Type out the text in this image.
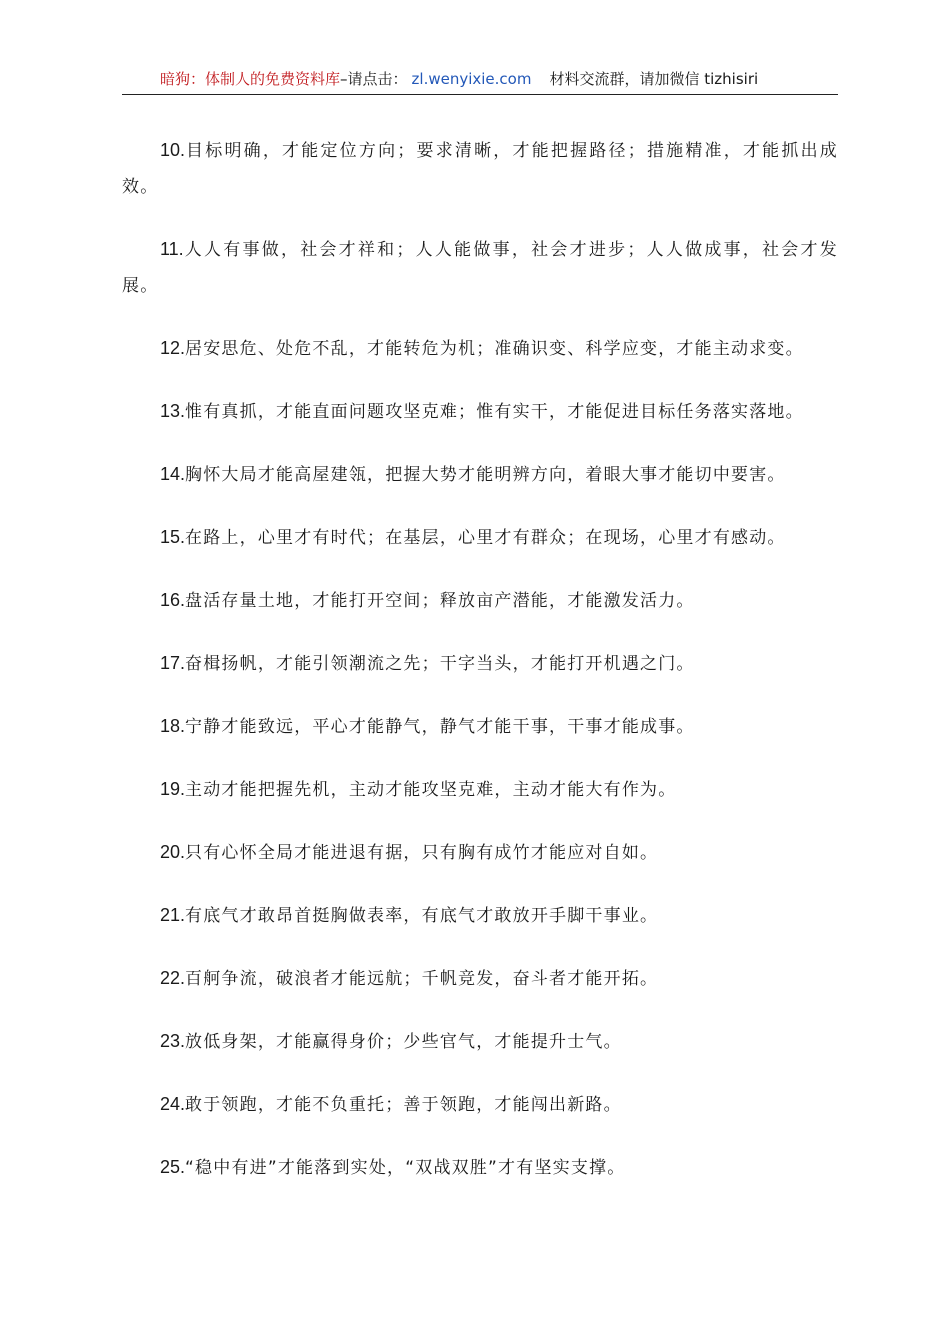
暗狗：体制人的免费资料库–请点击： zl.wenyixie.com 材料交流群，请加微信 tizhisiri

10.目标明确，才能定位方向；要求清晰，才能把握路径；措施精准，才能抓出成效。

11.人人有事做，社会才祥和；人人能做事，社会才进步；人人做成事，社会才发展。

12.居安思危、处危不乱，才能转危为机；准确识变、科学应变，才能主动求变。

13.惟有真抓，才能直面问题攻坚克难；惟有实干，才能促进目标任务落实落地。

14.胸怀大局才能高屋建瓴，把握大势才能明辨方向，着眼大事才能切中要害。

15.在路上，心里才有时代；在基层，心里才有群众；在现场，心里才有感动。

16.盘活存量土地，才能打开空间；释放亩产潜能，才能激发活力。

17.奋楫扬帆，才能引领潮流之先；干字当头，才能打开机遇之门。

18.宁静才能致远，平心才能静气，静气才能干事，干事才能成事。

19.主动才能把握先机，主动才能攻坚克难，主动才能大有作为。

20.只有心怀全局才能进退有据，只有胸有成竹才能应对自如。

21.有底气才敢昂首挺胸做表率，有底气才敢放开手脚干事业。

22.百舸争流，破浪者才能远航；千帆竞发，奋斗者才能开拓。

23.放低身架，才能赢得身价；少些官气，才能提升士气。

24.敢于领跑，才能不负重托；善于领跑，才能闯出新路。

25.“稳中有进”才能落到实处，“双战双胜”才有坚实支撑。
